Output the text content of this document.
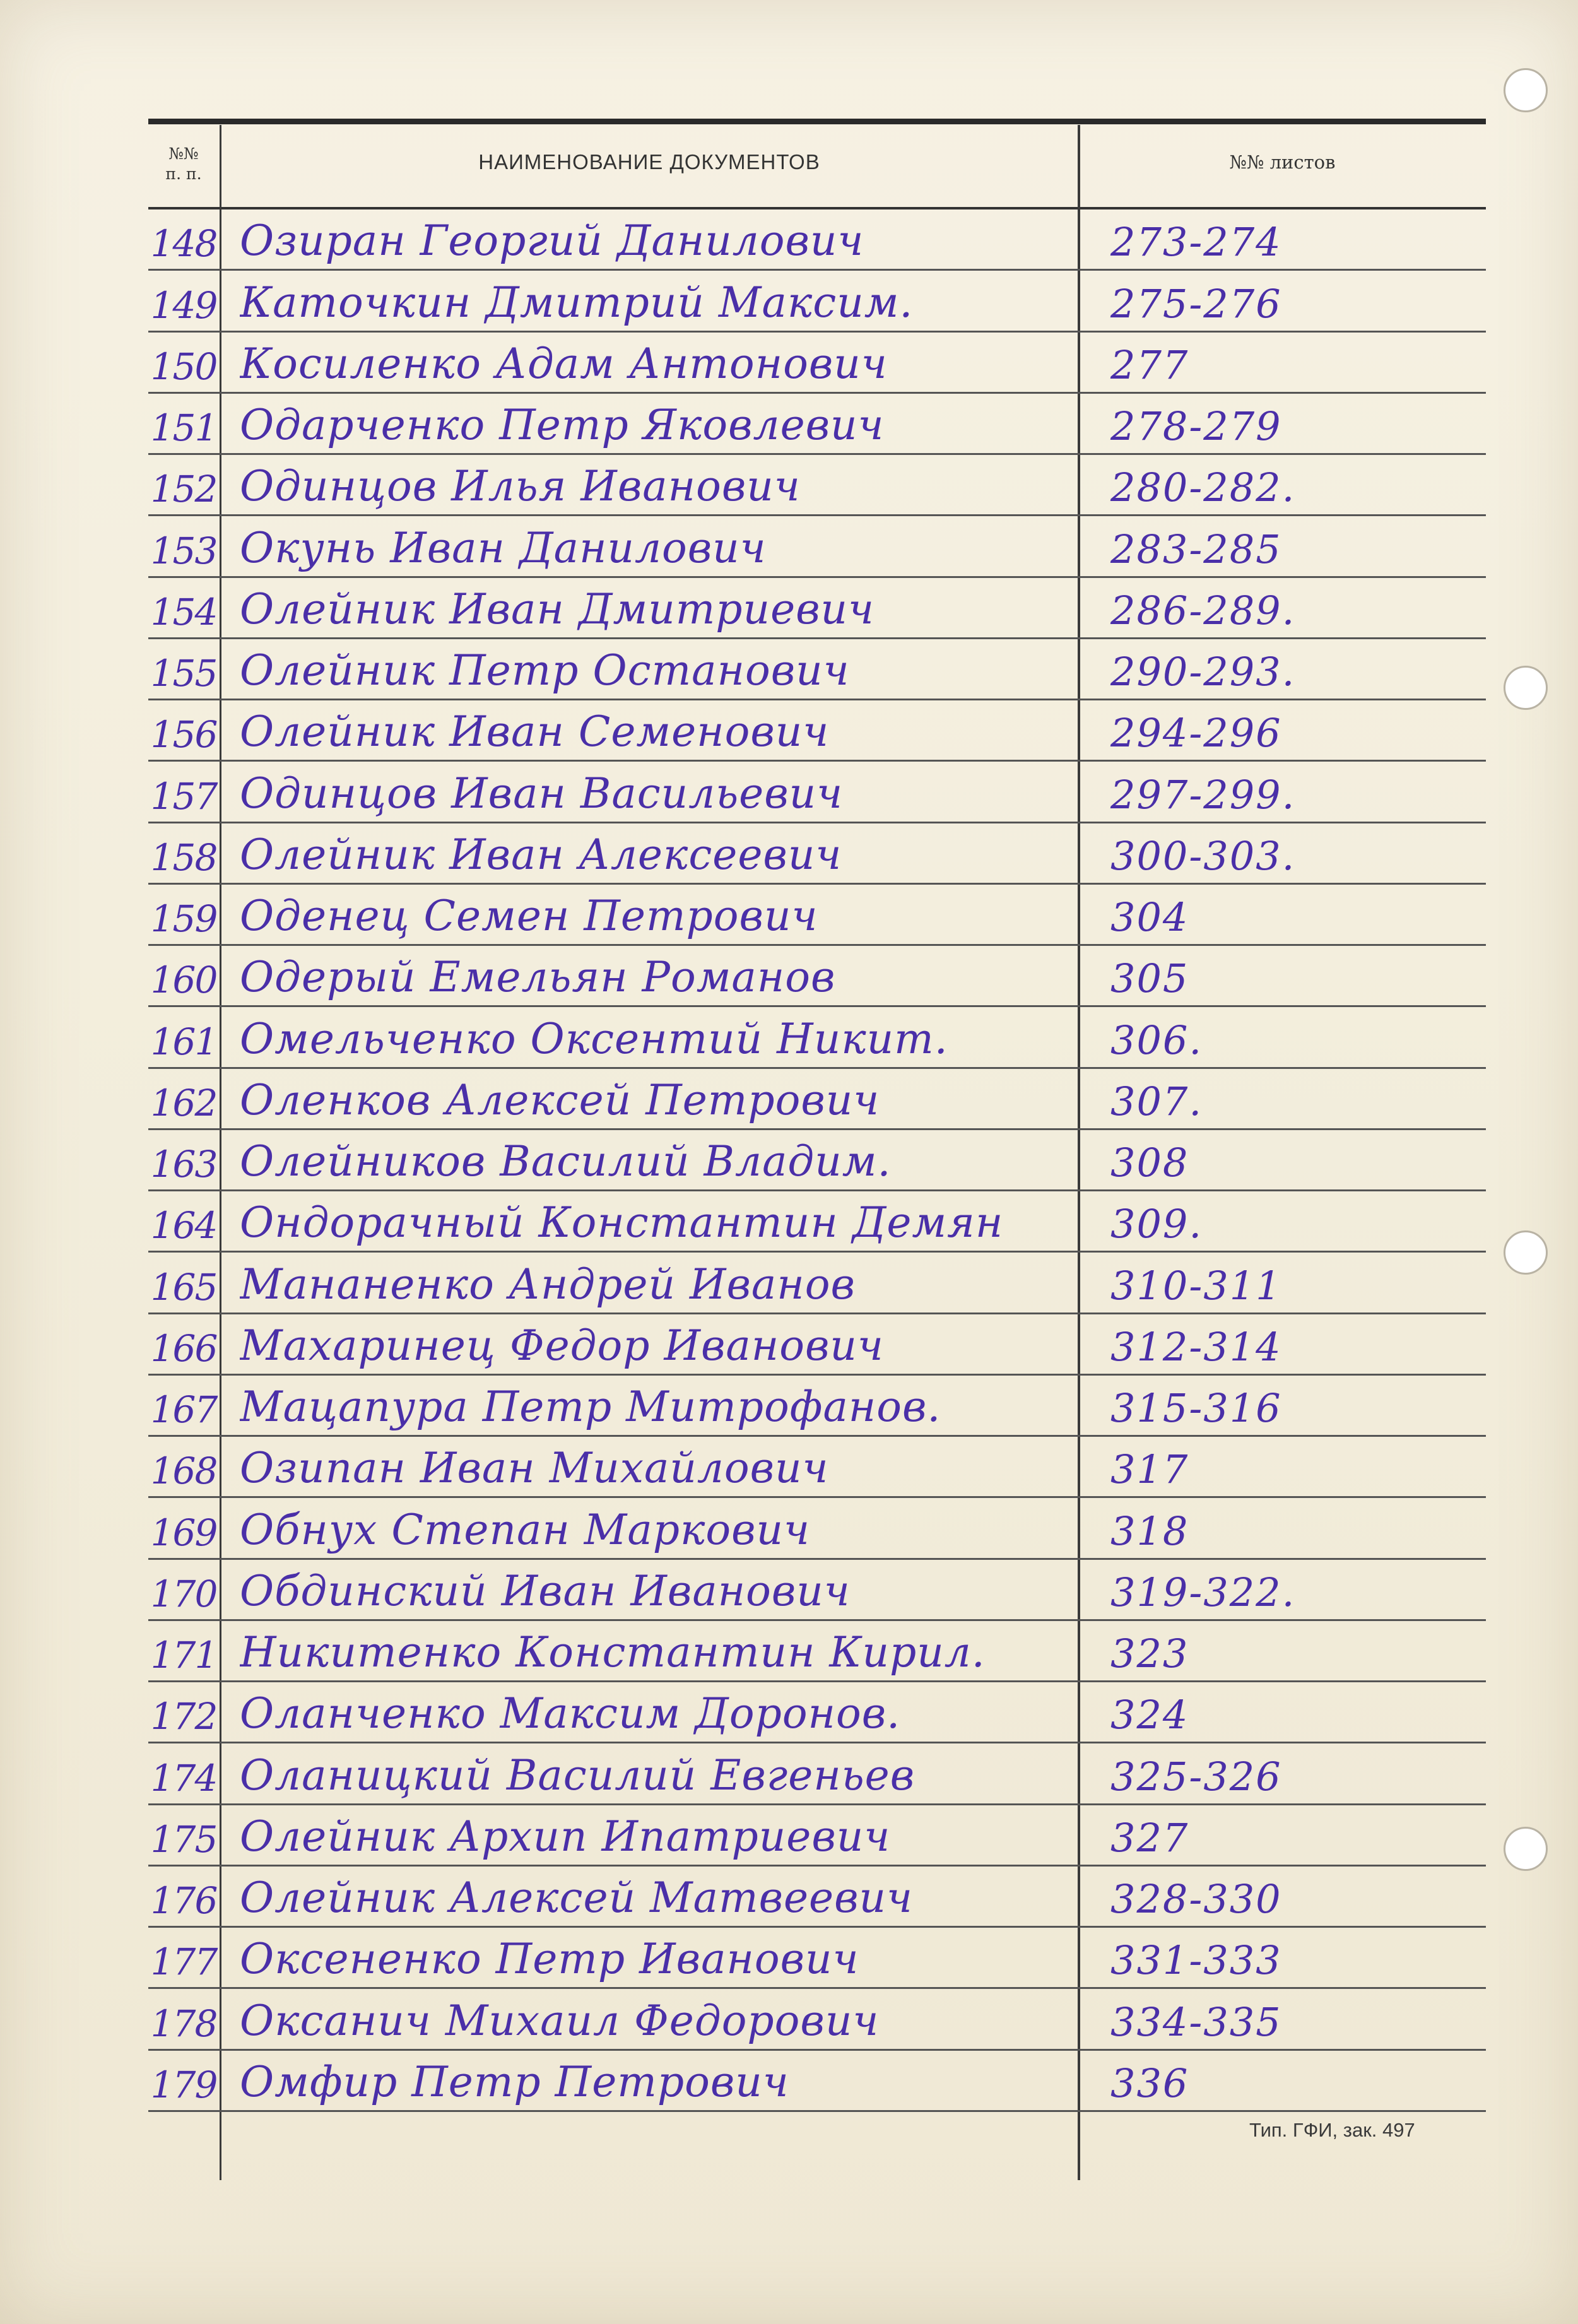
№№
п. п.
НАИМЕНОВАНИЕ ДОКУМЕНТОВ	№№ листов
148 Озиран Георгий Данилович	273-274
149 Каточкин Дмитрий Максим.	275-276
150 Косиленко Адам Антонович	277
151 Одарченко Петр Яковлевич	278-279
152 Одинцов Илья Иванович	280-282.
153 Окунь Иван Данилович	283-285
154 Олейник Иван Дмитриевич	286-289.
155 Олейник Петр Останович	290-293.
156 Олейник Иван Семенович	294-296
157 Одинцов Иван Васильевич	297-299.
158 Олейник Иван Алексеевич	300-303.
159 Оденец Семен Петрович	304
160 Одерый Емельян Романов	305
161 Омельченко Оксентий Никит.	306.
162 Оленков Алексей Петрович	307.
163 Олейников Василий Владим.	308
164 Ондорачный Константин Демян	309.
165 Мананенко Андрей Иванов	310-311
166 Махаринец Федор Иванович	312-314
167 Мацапура Петр Митрофанов.	315-316
168 Озипан Иван Михайлович	317
169 Обнух Степан Маркович	318
170 Обдинский Иван Иванович	319-322.
171 Никитенко Константин Кирил.	323
172 Оланченко Максим Доронов.	324
174 Оланицкий Василий Евгеньев	325-326
175 Олейник Архип Ипатриевич	327
176 Олейник Алексей Матвеевич	328-330
177 Оксененко Петр Иванович	331-333
178 Оксанич Михаил Федорович	334-335
179 Омфир Петр Петрович	336
Тип. ГФИ, зак. 497
